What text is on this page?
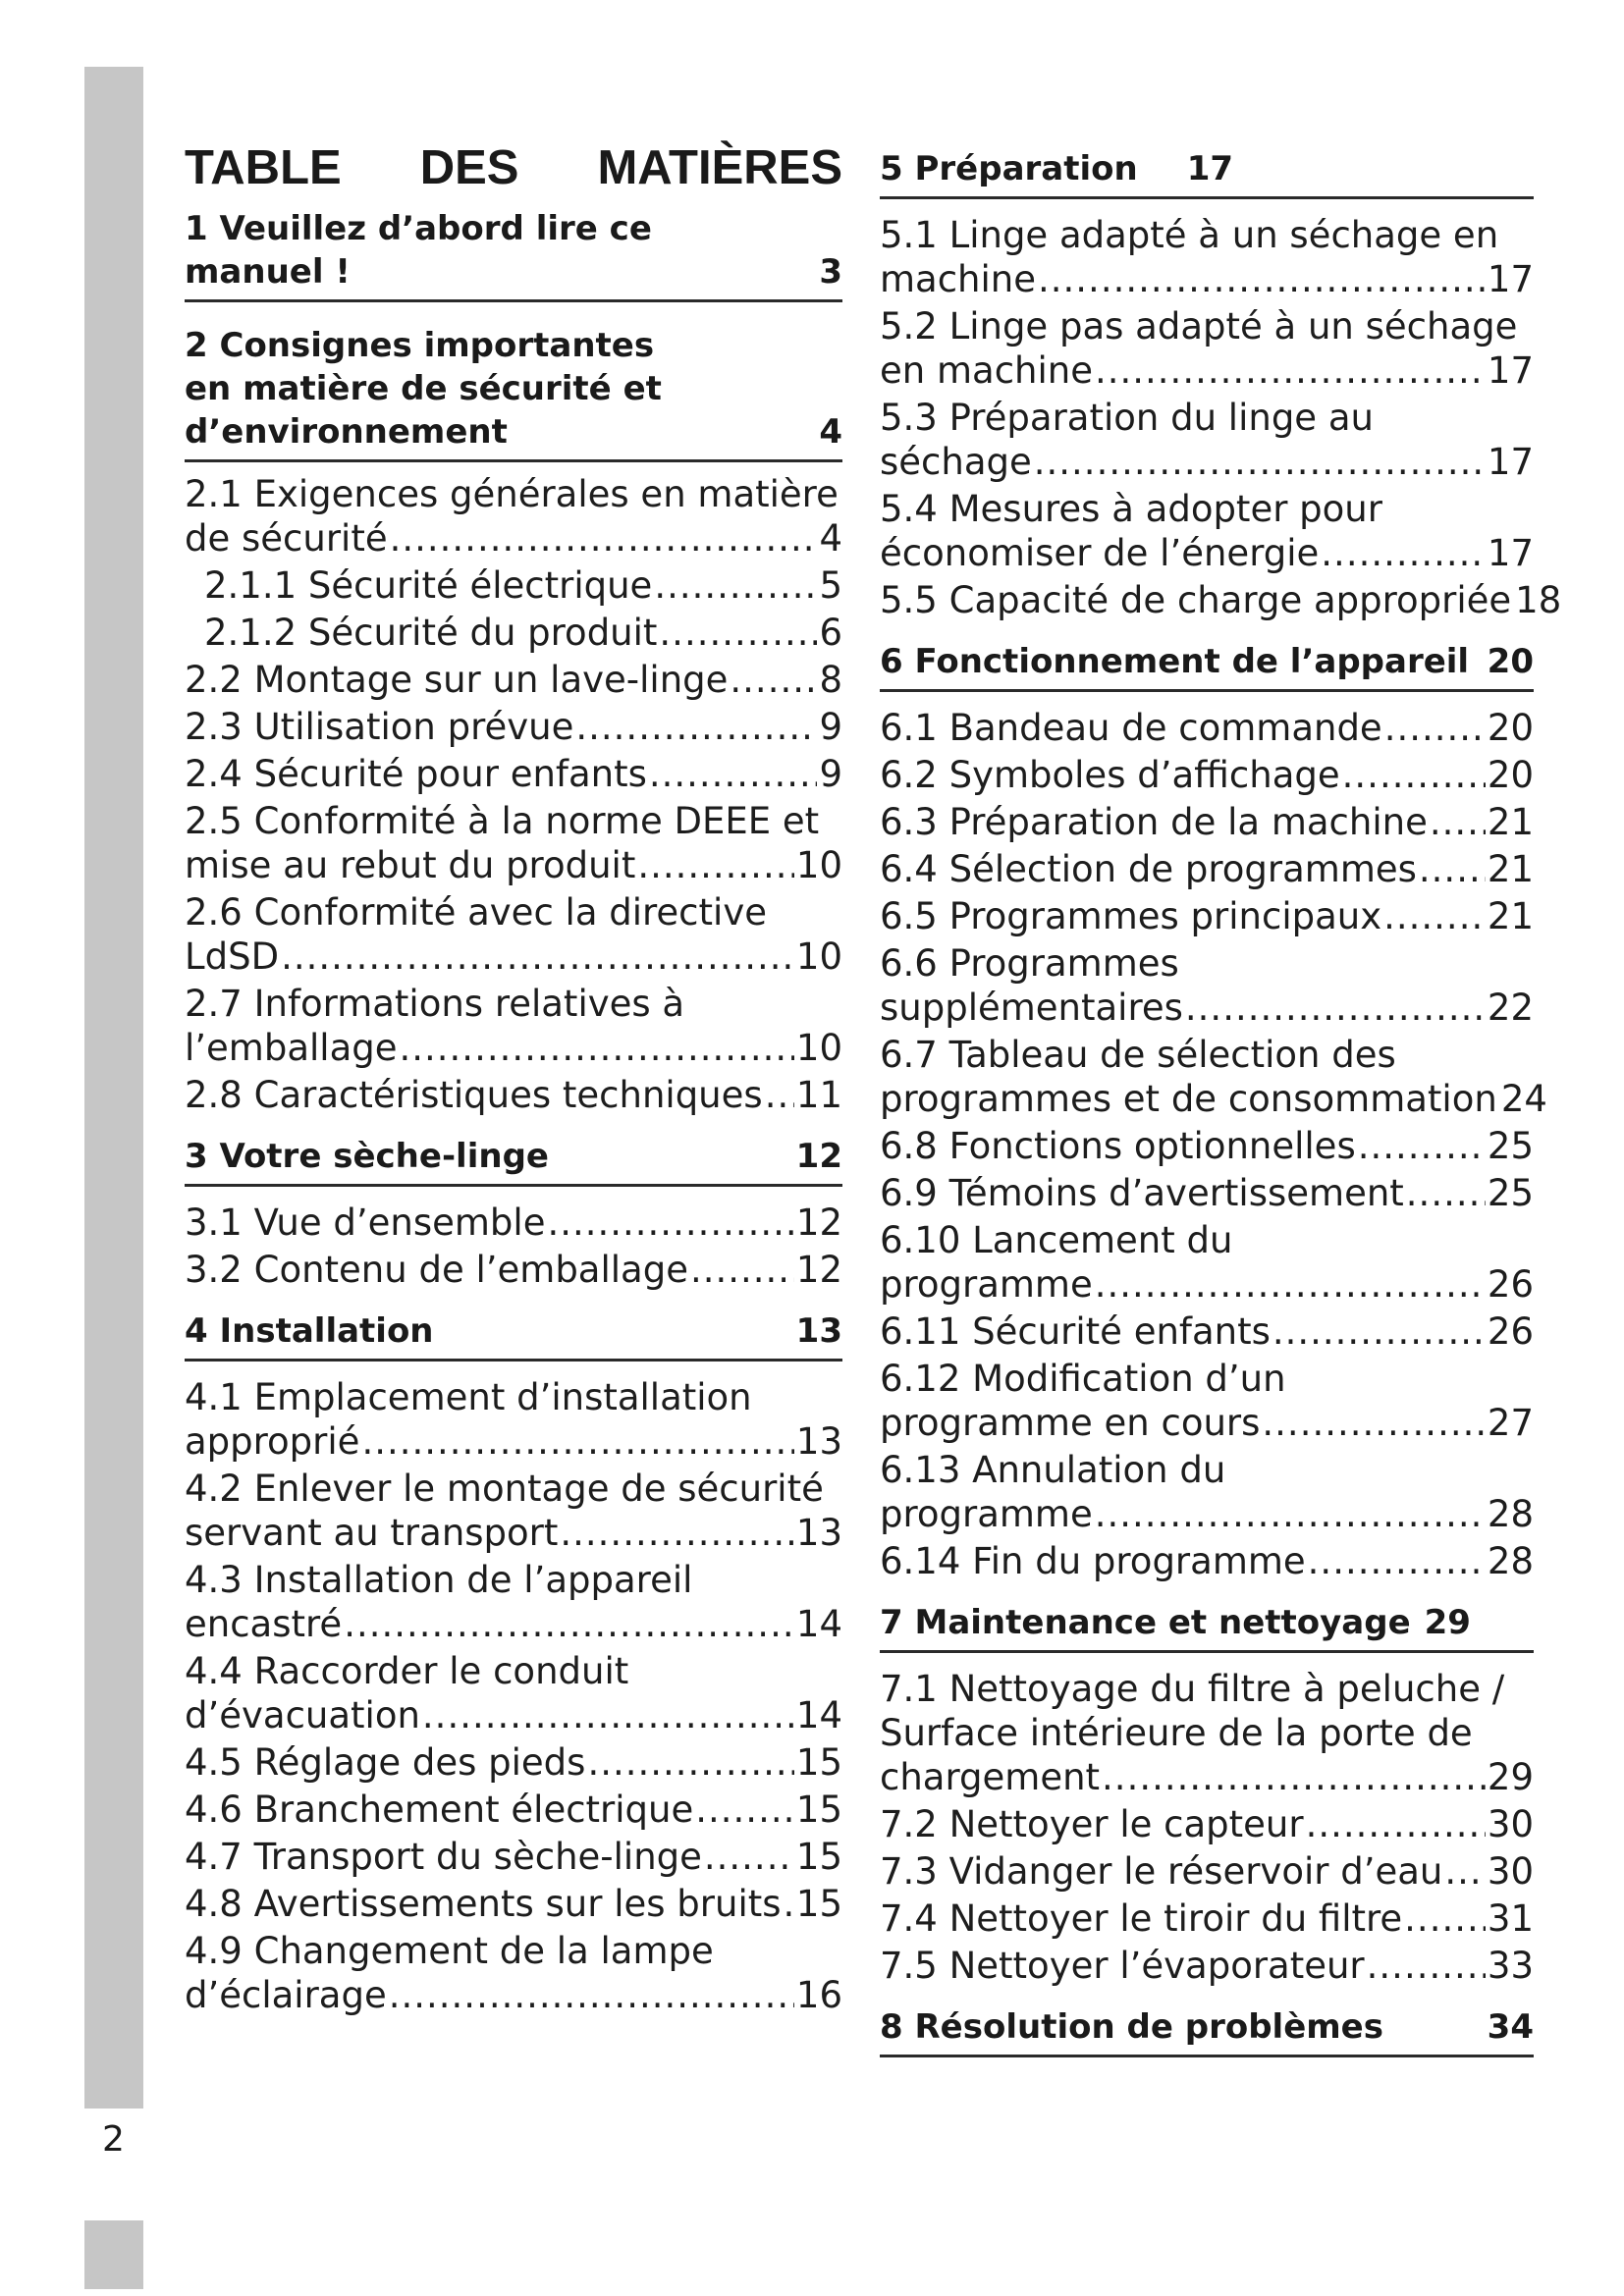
2
TABLE DES MATIÈRES
1 Veuillez d’abord lire ce
manuel !	3
2 Consignes importantes
en matière de sécurité et
d’environnement	4
2.1 Exigences générales en matière
de sécurité .....	4
2.1.1 Sécurité électrique .....	5
2.1.2 Sécurité du produit .....	6
2.2 Montage sur un lave-linge .....	8
2.3 Utilisation prévue .....	9
2.4 Sécurité pour enfants .....	9
2.5 Conformité à la norme DEEE et
mise au rebut du produit .....	10
2.6 Conformité avec la directive
LdSD .....	10
2.7 Informations relatives à
l’emballage .....	10
2.8 Caractéristiques techniques ..... 11
3 Votre sèche-linge	12
3.1 Vue d’ensemble .....	12
3.2 Contenu de l’emballage .....	12
4 Installation	13
4.1 Emplacement d’installation
approprié .....	13
4.2 Enlever le montage de sécurité
servant au transport .....	13
4.3 Installation de l’appareil
encastré .....	14
4.4 Raccorder le conduit
d’évacuation .....	14
4.5 Réglage des pieds .....	15
4.6 Branchement électrique .....	15
4.7 Transport du sèche-linge .....	15
4.8 Avertissements sur les bruits ..... 15
4.9 Changement de la lampe
d’éclairage .....	16
5 Préparation 17
5.1 Linge adapté à un séchage en
machine .....	17
5.2 Linge pas adapté à un séchage
en machine .....	17
5.3 Préparation du linge au
séchage .....	17
5.4 Mesures à adopter pour
économiser de l’énergie .....	17
5.5 Capacité de charge appropriée 18
6 Fonctionnement de l’appareil 20
6.1 Bandeau de commande .....	20
6.2 Symboles d’affichage .....	20
6.3 Préparation de la machine ..... 21
6.4 Sélection de programmes ..... 21
6.5 Programmes principaux .....	21
6.6 Programmes
supplémentaires .....	22
6.7 Tableau de sélection des
programmes et de consommation 24
6.8 Fonctions optionnelles .....	25
6.9 Témoins d’avertissement ..... 25
6.10 Lancement du
programme .....	26
6.11 Sécurité enfants .....	26
6.12 Modification d’un
programme en cours .....	27
6.13 Annulation du
programme .....	28
6.14 Fin du programme .....	28
7 Maintenance et nettoyage 29
7.1 Nettoyage du filtre à peluche /
Surface intérieure de la porte de
chargement .....	29
7.2 Nettoyer le capteur .....	30
7.3 Vidanger le réservoir d’eau ..... 30
7.4 Nettoyer le tiroir du filtre ..... 31
7.5 Nettoyer l’évaporateur .....	33
8 Résolution de problèmes	34
